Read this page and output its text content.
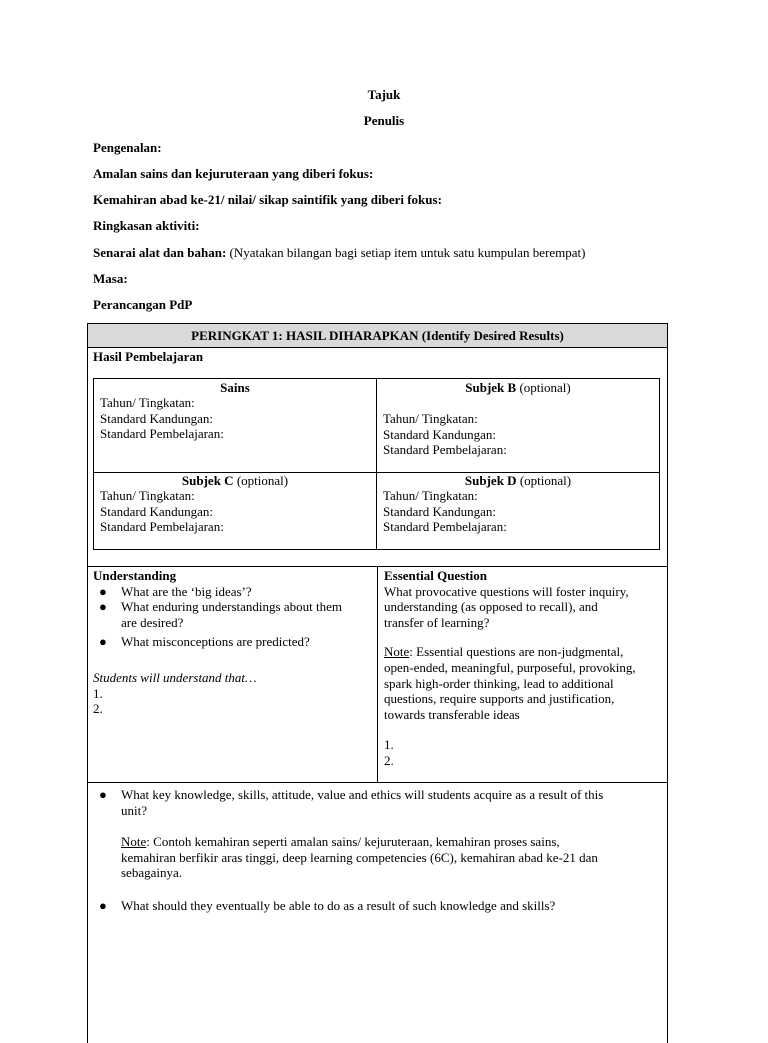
Tajuk
Penulis
Pengenalan:
Amalan sains dan kejuruteraan yang diberi fokus:
Kemahiran abad ke-21/ nilai/ sikap saintifik yang diberi fokus:
Ringkasan aktiviti:
Senarai alat dan bahan: (Nyatakan bilangan bagi setiap item untuk satu kumpulan berempat)
Masa:
Perancangan PdP
PERINGKAT 1: HASIL DIHARAPKAN (Identify Desired Results)
Hasil Pembelajaran
Sains
Tahun/ Tingkatan:
Standard Kandungan:
Standard Pembelajaran:
Subjek B (optional)
Tahun/ Tingkatan:
Standard Kandungan:
Standard Pembelajaran:
Subjek C (optional)
Tahun/ Tingkatan:
Standard Kandungan:
Standard Pembelajaran:
Subjek D (optional)
Tahun/ Tingkatan:
Standard Kandungan:
Standard Pembelajaran:
Understanding
● What are the ‘big ideas’?
● What enduring understandings about them
are desired?
● What misconceptions are predicted?
Students will understand that…
1.
2.
Essential Question
What provocative questions will foster inquiry,
understanding (as opposed to recall), and
transfer of learning?
Note: Essential questions are non-judgmental,
open-ended, meaningful, purposeful, provoking,
spark high-order thinking, lead to additional
questions, require supports and justification,
towards transferable ideas
1.
2.
● What key knowledge, skills, attitude, value and ethics will students acquire as a result of this
unit?
Note: Contoh kemahiran seperti amalan sains/ kejuruteraan, kemahiran proses sains,
kemahiran berfikir aras tinggi, deep learning competencies (6C), kemahiran abad ke-21 dan
sebagainya.
● What should they eventually be able to do as a result of such knowledge and skills?
